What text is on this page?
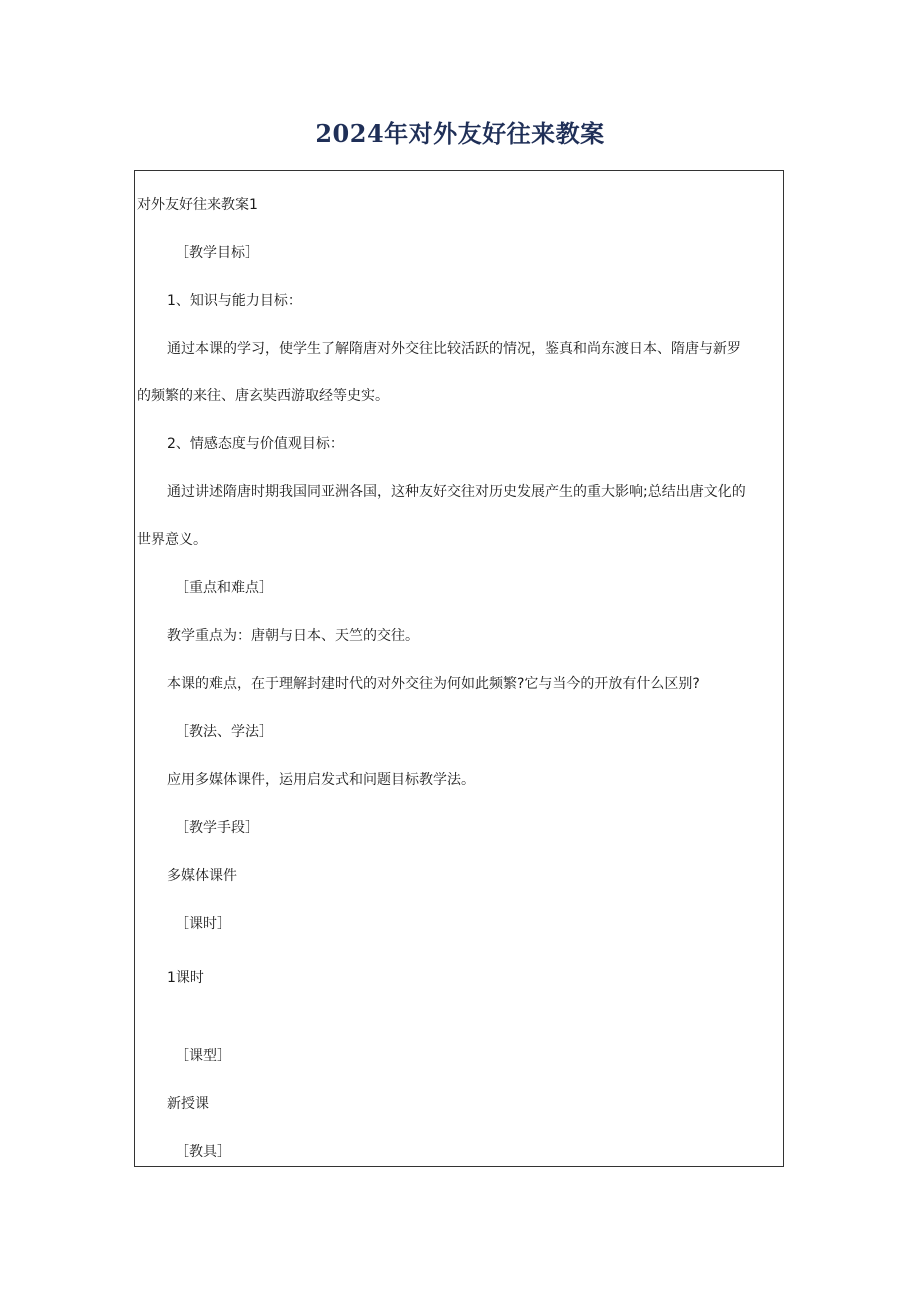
2024年对外友好往来教案
对外友好往来教案1
［教学目标］
1、知识与能力目标：
通过本课的学习，使学生了解隋唐对外交往比较活跃的情况，鉴真和尚东渡日本、隋唐与新罗
的频繁的来往、唐玄奘西游取经等史实。
2、情感态度与价值观目标：
通过讲述隋唐时期我国同亚洲各国，这种友好交往对历史发展产生的重大影响;总结出唐文化的
世界意义。
［重点和难点］
教学重点为：唐朝与日本、天竺的交往。
本课的难点，在于理解封建时代的对外交往为何如此频繁?它与当今的开放有什么区别?
［教法、学法］
应用多媒体课件，运用启发式和问题目标教学法。
［教学手段］
多媒体课件
［课时］
1课时
［课型］
新授课
［教具］
